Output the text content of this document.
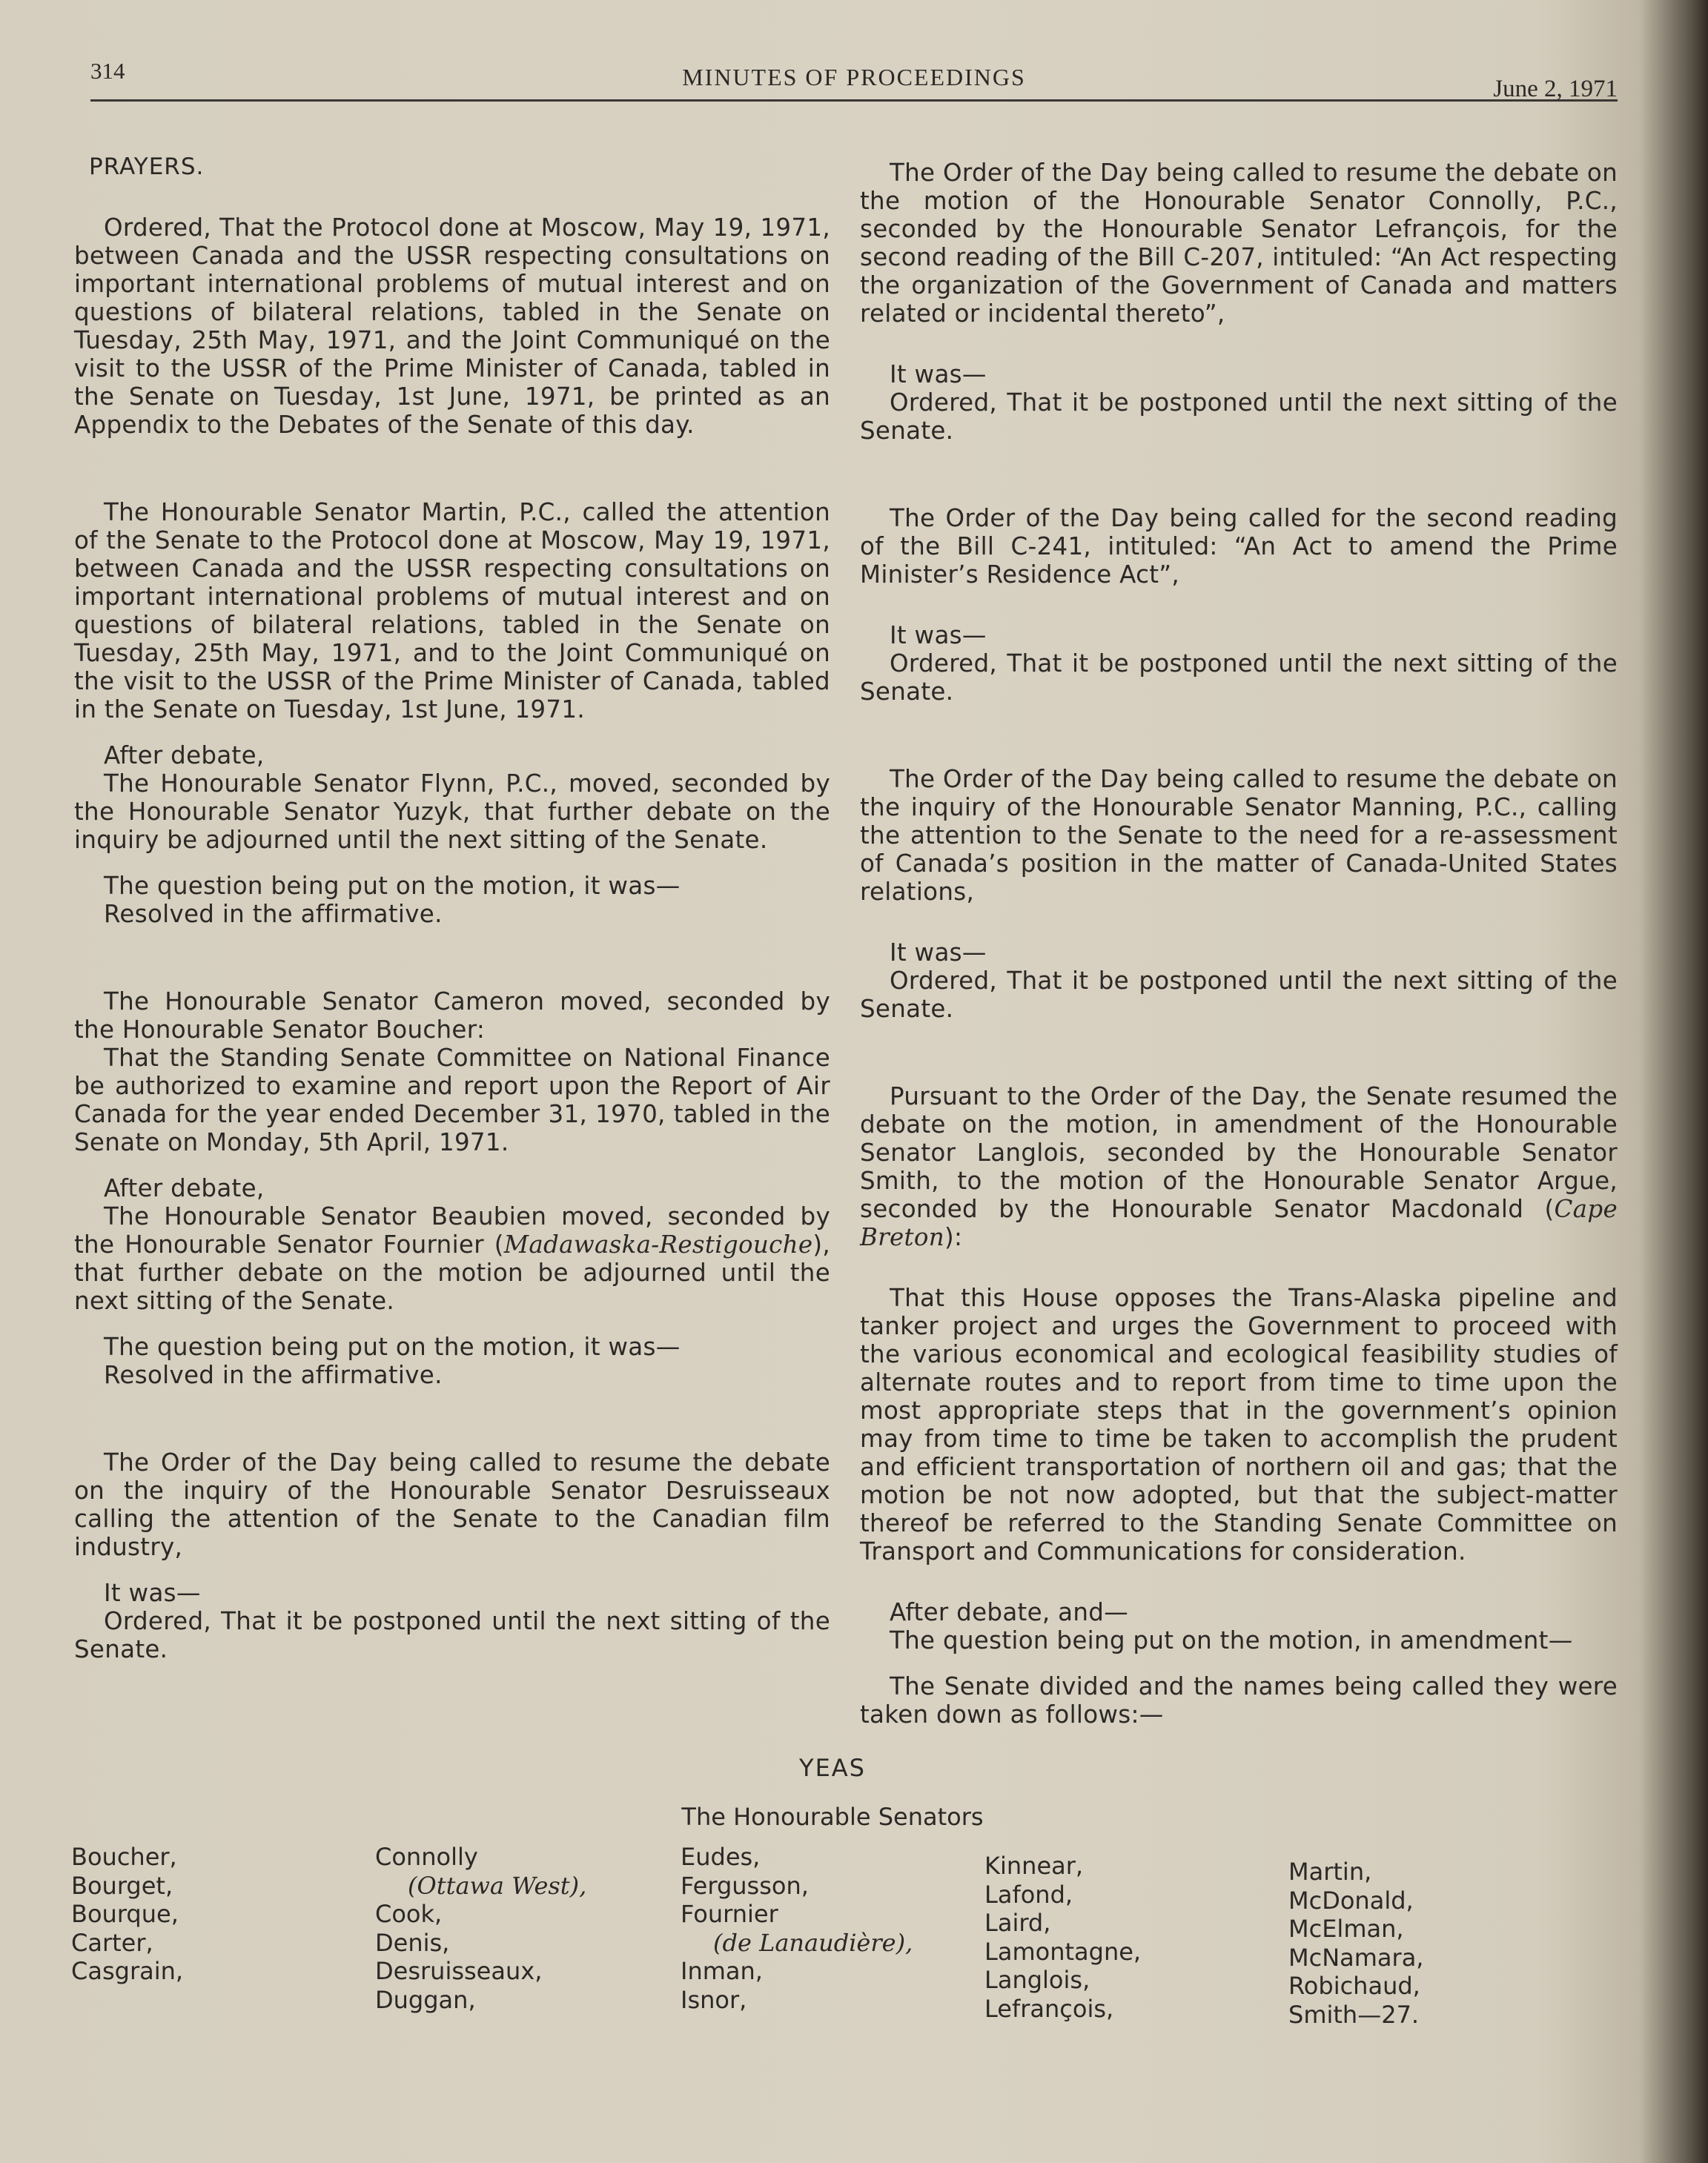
314	MINUTES OF PROCEEDINGS	June 2, 1971

PRAYERS.

Ordered, That the Protocol done at Moscow, May 19, 1971, between Canada and the USSR respecting consultations on important international problems of mutual interest and on questions of bilateral relations, tabled in the Senate on Tuesday, 25th May, 1971, and the Joint Communiqué on the visit to the USSR of the Prime Minister of Canada, tabled in the Senate on Tuesday, 1st June, 1971, be printed as an Appendix to the Debates of the Senate of this day.

The Honourable Senator Martin, P.C., called the attention of the Senate to the Protocol done at Moscow, May 19, 1971, between Canada and the USSR respecting consultations on important international problems of mutual interest and on questions of bilateral relations, tabled in the Senate on Tuesday, 25th May, 1971, and to the Joint Communiqué on the visit to the USSR of the Prime Minister of Canada, tabled in the Senate on Tuesday, 1st June, 1971.

After debate,

The Honourable Senator Flynn, P.C., moved, seconded by the Honourable Senator Yuzyk, that further debate on the inquiry be adjourned until the next sitting of the Senate.

The question being put on the motion, it was—

Resolved in the affirmative.

The Honourable Senator Cameron moved, seconded by the Honourable Senator Boucher:

That the Standing Senate Committee on National Finance be authorized to examine and report upon the Report of Air Canada for the year ended December 31, 1970, tabled in the Senate on Monday, 5th April, 1971.

After debate,

The Honourable Senator Beaubien moved, seconded by the Honourable Senator Fournier (Madawaska-Restigouche), that further debate on the motion be adjourned until the next sitting of the Senate.

The question being put on the motion, it was—

Resolved in the affirmative.

The Order of the Day being called to resume the debate on the inquiry of the Honourable Senator Desruisseaux calling the attention of the Senate to the Canadian film industry,

It was—

Ordered, That it be postponed until the next sitting of the Senate.

The Order of the Day being called to resume the debate on the motion of the Honourable Senator Connolly, P.C., seconded by the Honourable Senator Lefrançois, for the second reading of the Bill C-207, intituled: “An Act respecting the organization of the Government of Canada and matters related or incidental thereto”,

It was—

Ordered, That it be postponed until the next sitting of the Senate.

The Order of the Day being called for the second reading of the Bill C-241, intituled: “An Act to amend the Prime Minister’s Residence Act”,

It was—

Ordered, That it be postponed until the next sitting of the Senate.

The Order of the Day being called to resume the debate on the inquiry of the Honourable Senator Manning, P.C., calling the attention to the Senate to the need for a re-assessment of Canada’s position in the matter of Canada-United States relations,

It was—

Ordered, That it be postponed until the next sitting of the Senate.

Pursuant to the Order of the Day, the Senate resumed the debate on the motion, in amendment of the Honourable Senator Langlois, seconded by the Honourable Senator Smith, to the motion of the Honourable Senator Argue, seconded by the Honourable Senator Macdonald (Cape Breton):

That this House opposes the Trans-Alaska pipeline and tanker project and urges the Government to proceed with the various economical and ecological feasibility studies of alternate routes and to report from time to time upon the most appropriate steps that in the government’s opinion may from time to time be taken to accomplish the prudent and efficient transportation of northern oil and gas; that the motion be not now adopted, but that the subject-matter thereof be referred to the Standing Senate Committee on Transport and Communications for consideration.

After debate, and—

The question being put on the motion, in amendment—

The Senate divided and the names being called they were taken down as follows:—

YEAS
The Honourable Senators
Boucher,
Bourget,
Bourque,
Carter,
Casgrain,
Connolly
(Ottawa West),
Cook,
Denis,
Desruisseaux,
Duggan,
Eudes,
Fergusson,
Fournier
(de Lanaudière),
Inman,
Isnor,
Kinnear,
Lafond,
Laird,
Lamontagne,
Langlois,
Lefrançois,
Martin,
McDonald,
McElman,
McNamara,
Robichaud,
Smith—27.
